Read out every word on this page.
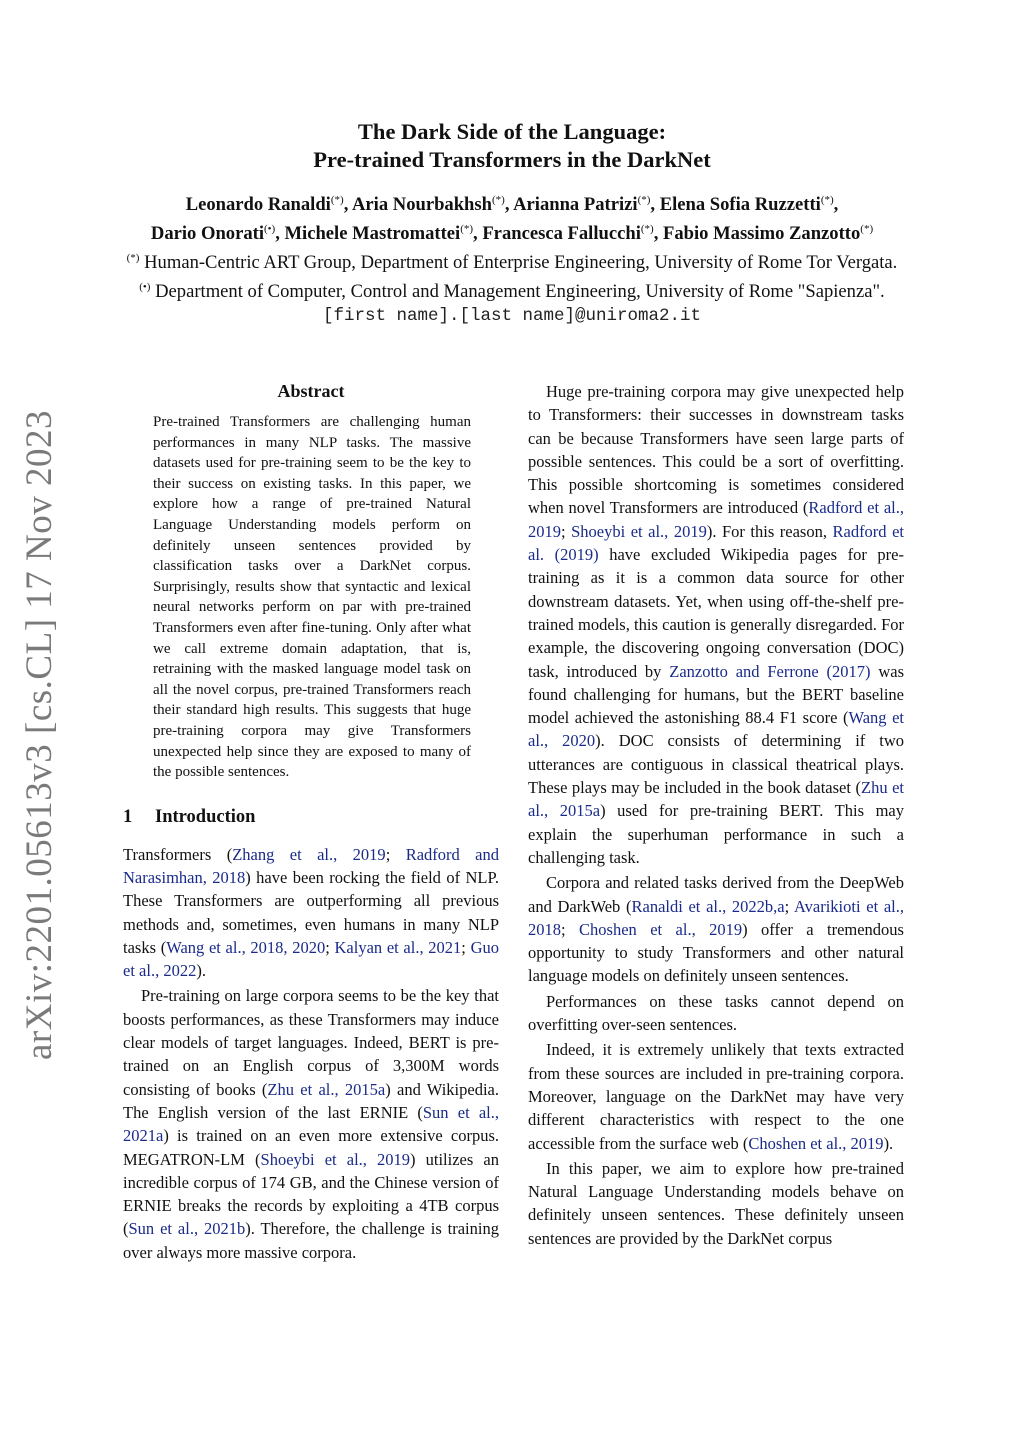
arXiv:2201.05613v3 [cs.CL] 17 Nov 2023
The Dark Side of the Language:
Pre-trained Transformers in the DarkNet
Leonardo Ranaldi(*), Aria Nourbakhsh(*), Arianna Patrizi(*), Elena Sofia Ruzzetti(*),
Dario Onorati(•), Michele Mastromattei(*), Francesca Fallucchi(*), Fabio Massimo Zanzotto(*)
(*) Human-Centric ART Group, Department of Enterprise Engineering, University of Rome Tor Vergata.
(•) Department of Computer, Control and Management Engineering, University of Rome "Sapienza".
[first name].[last name]@uniroma2.it
Abstract
Pre-trained Transformers are challenging human performances in many NLP tasks. The massive datasets used for pre-training seem to be the key to their success on existing tasks. In this paper, we explore how a range of pre-trained Natural Language Understanding models perform on definitely unseen sentences provided by classification tasks over a DarkNet corpus. Surprisingly, results show that syntactic and lexical neural networks perform on par with pre-trained Transformers even after fine-tuning. Only after what we call extreme domain adaptation, that is, retraining with the masked language model task on all the novel corpus, pre-trained Transformers reach their standard high results. This suggests that huge pre-training corpora may give Transformers unexpected help since they are exposed to many of the possible sentences.
1 Introduction

Transformers (Zhang et al., 2019; Radford and Narasimhan, 2018) have been rocking the field of NLP. These Transformers are outperforming all previous methods and, sometimes, even humans in many NLP tasks (Wang et al., 2018, 2020; Kalyan et al., 2021; Guo et al., 2022).

Pre-training on large corpora seems to be the key that boosts performances, as these Transformers may induce clear models of target languages. Indeed, BERT is pre-trained on an English corpus of 3,300M words consisting of books (Zhu et al., 2015a) and Wikipedia. The English version of the last ERNIE (Sun et al., 2021a) is trained on an even more extensive corpus. MEGATRON-LM (Shoeybi et al., 2019) utilizes an incredible corpus of 174 GB, and the Chinese version of ERNIE breaks the records by exploiting a 4TB corpus (Sun et al., 2021b). Therefore, the challenge is training over always more massive corpora.

Huge pre-training corpora may give unexpected help to Transformers: their successes in downstream tasks can be because Transformers have seen large parts of possible sentences. This could be a sort of overfitting. This possible shortcoming is sometimes considered when novel Transformers are introduced (Radford et al., 2019; Shoeybi et al., 2019). For this reason, Radford et al. (2019) have excluded Wikipedia pages for pre-training as it is a common data source for other downstream datasets. Yet, when using off-the-shelf pre-trained models, this caution is generally disregarded. For example, the discovering ongoing conversation (DOC) task, introduced by Zanzotto and Ferrone (2017) was found challenging for humans, but the BERT baseline model achieved the astonishing 88.4 F1 score (Wang et al., 2020). DOC consists of determining if two utterances are contiguous in classical theatrical plays. These plays may be included in the book dataset (Zhu et al., 2015a) used for pre-training BERT. This may explain the superhuman performance in such a challenging task.

Corpora and related tasks derived from the DeepWeb and DarkWeb (Ranaldi et al., 2022b,a; Avarikioti et al., 2018; Choshen et al., 2019) offer a tremendous opportunity to study Transformers and other natural language models on definitely unseen sentences.

Performances on these tasks cannot depend on overfitting over-seen sentences.

Indeed, it is extremely unlikely that texts extracted from these sources are included in pre-training corpora. Moreover, language on the DarkNet may have very different characteristics with respect to the one accessible from the surface web (Choshen et al., 2019).

In this paper, we aim to explore how pre-trained Natural Language Understanding models behave on definitely unseen sentences. These definitely unseen sentences are provided by the DarkNet corpus
